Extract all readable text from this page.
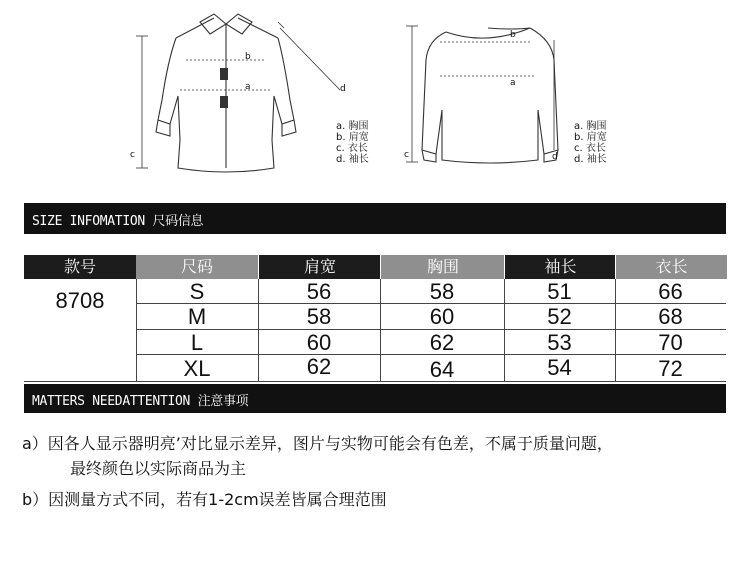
b
a
c
d
a. 胸围
b. 肩宽
c. 衣长
d. 袖长
b
a
c	d
a. 胸围
b. 肩宽
c. 衣长
d. 袖长
SIZE INFOMATION 尺码信息
款号	尺码	肩宽	胸围	袖长	衣长
8708	S	56	58	51	66
M	58	60	52	68
L	60	62	53	70
XL	62	64	54	72
MATTERS NEEDATTENTION 注意事项
a）因各人显示器明亮’对比显示差异，图片与实物可能会有色差，不属于质量问题，
最终颜色以实际商品为主
b）因测量方式不同，若有1-2cm误差皆属合理范围
